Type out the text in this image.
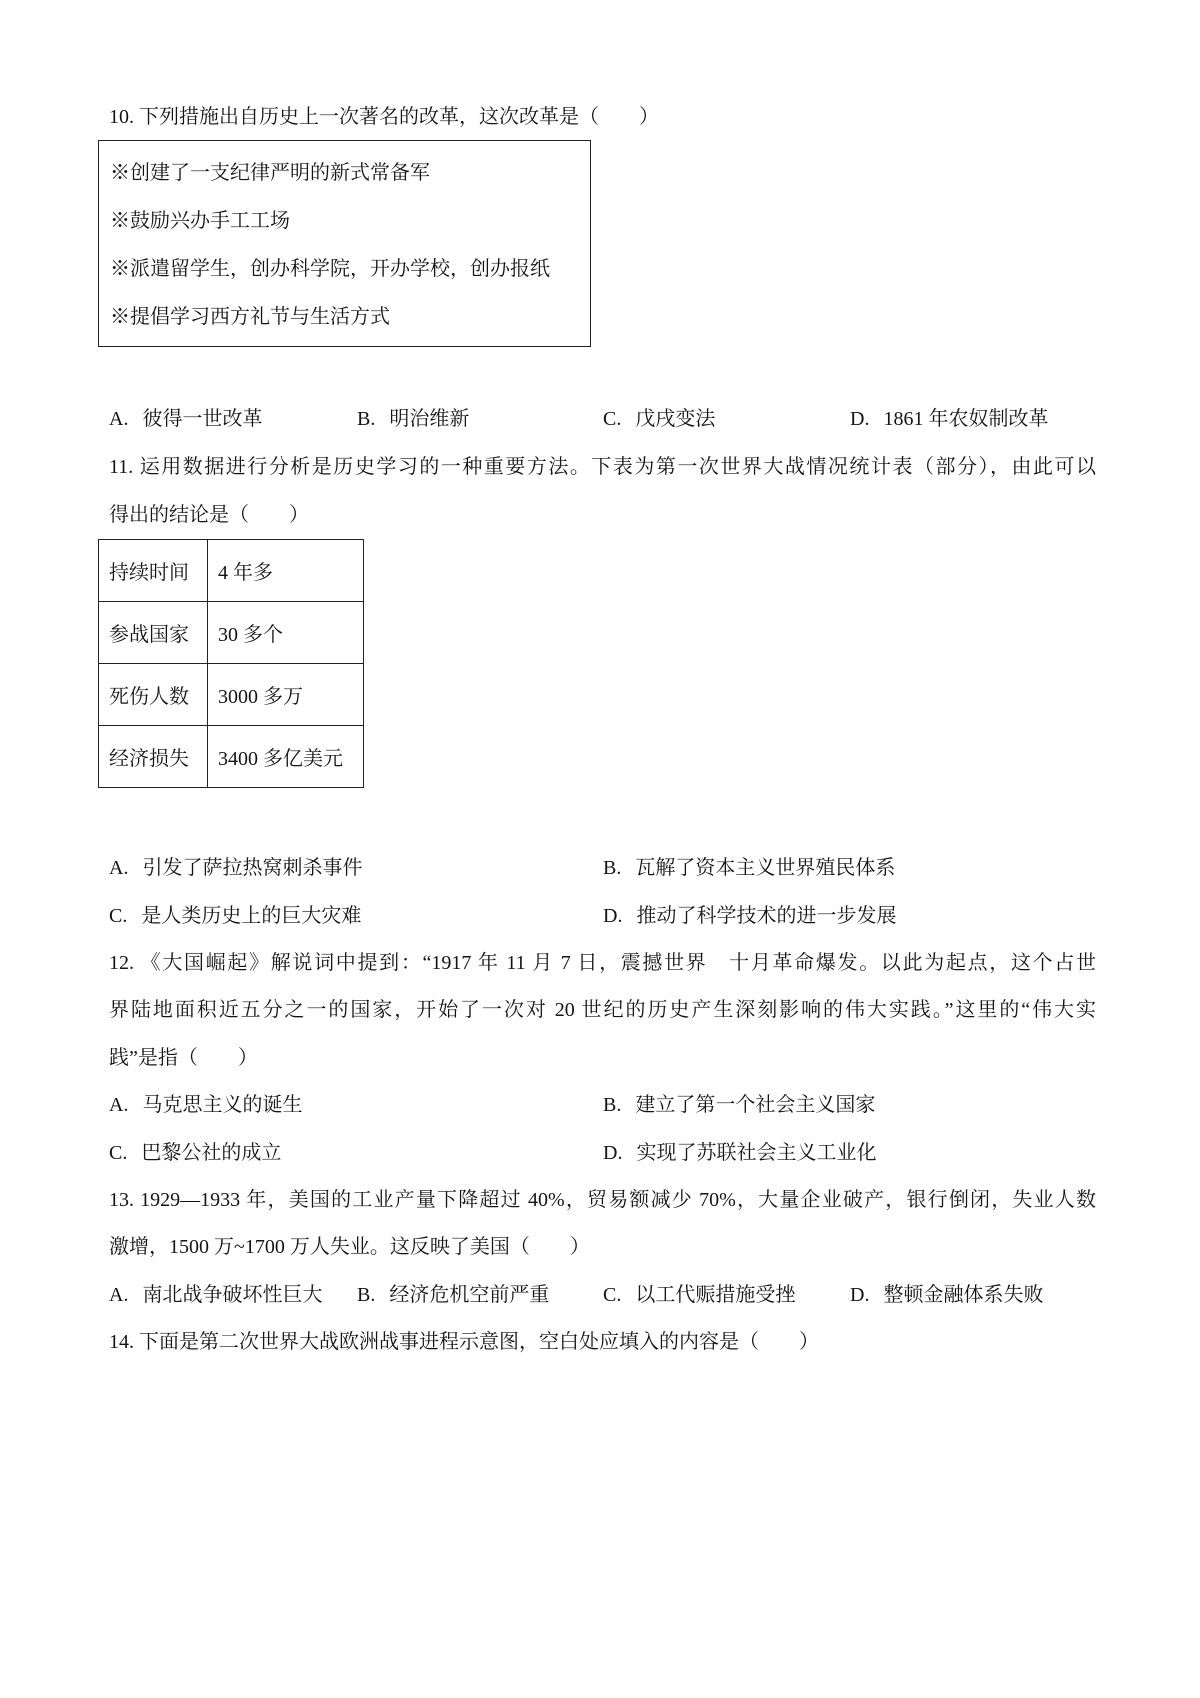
10. 下列措施出自历史上一次著名的改革，这次改革是（　　）
※创建了一支纪律严明的新式常备军
※鼓励兴办手工工场
※派遣留学生，创办科学院，开办学校，创办报纸
※提倡学习西方礼节与生活方式
A. 彼得一世改革	B. 明治维新	C. 戊戌变法	D. 1861 年农奴制改革
11. 运用数据进行分析是历史学习的一种重要方法。下表为第一次世界大战情况统计表（部分），由此可以
得出的结论是（　　）
持续时间	4 年多
参战国家	30 多个
死伤人数	3000 多万
经济损失	3400 多亿美元
A. 引发了萨拉热窝刺杀事件	B. 瓦解了资本主义世界殖民体系
C. 是人类历史上的巨大灾难	D. 推动了科学技术的进一步发展
12. 《大国崛起》解说词中提到：“1917 年 11 月 7 日，震撼世界　十月革命爆发。以此为起点，这个占世
界陆地面积近五分之一的国家，开始了一次对 20 世纪的历史产生深刻影响的伟大实践。”这里的“伟大实
践”是指（　　）
A. 马克思主义的诞生	B. 建立了第一个社会主义国家
C. 巴黎公社的成立	D. 实现了苏联社会主义工业化
13. 1929—1933 年，美国的工业产量下降超过 40%，贸易额减少 70%，大量企业破产，银行倒闭，失业人数
激增，1500 万~1700 万人失业。这反映了美国（　　）
A. 南北战争破坏性巨大 B. 经济危机空前严重	C. 以工代赈措施受挫	D. 整顿金融体系失败
14. 下面是第二次世界大战欧洲战事进程示意图，空白处应填入的内容是（　　）
